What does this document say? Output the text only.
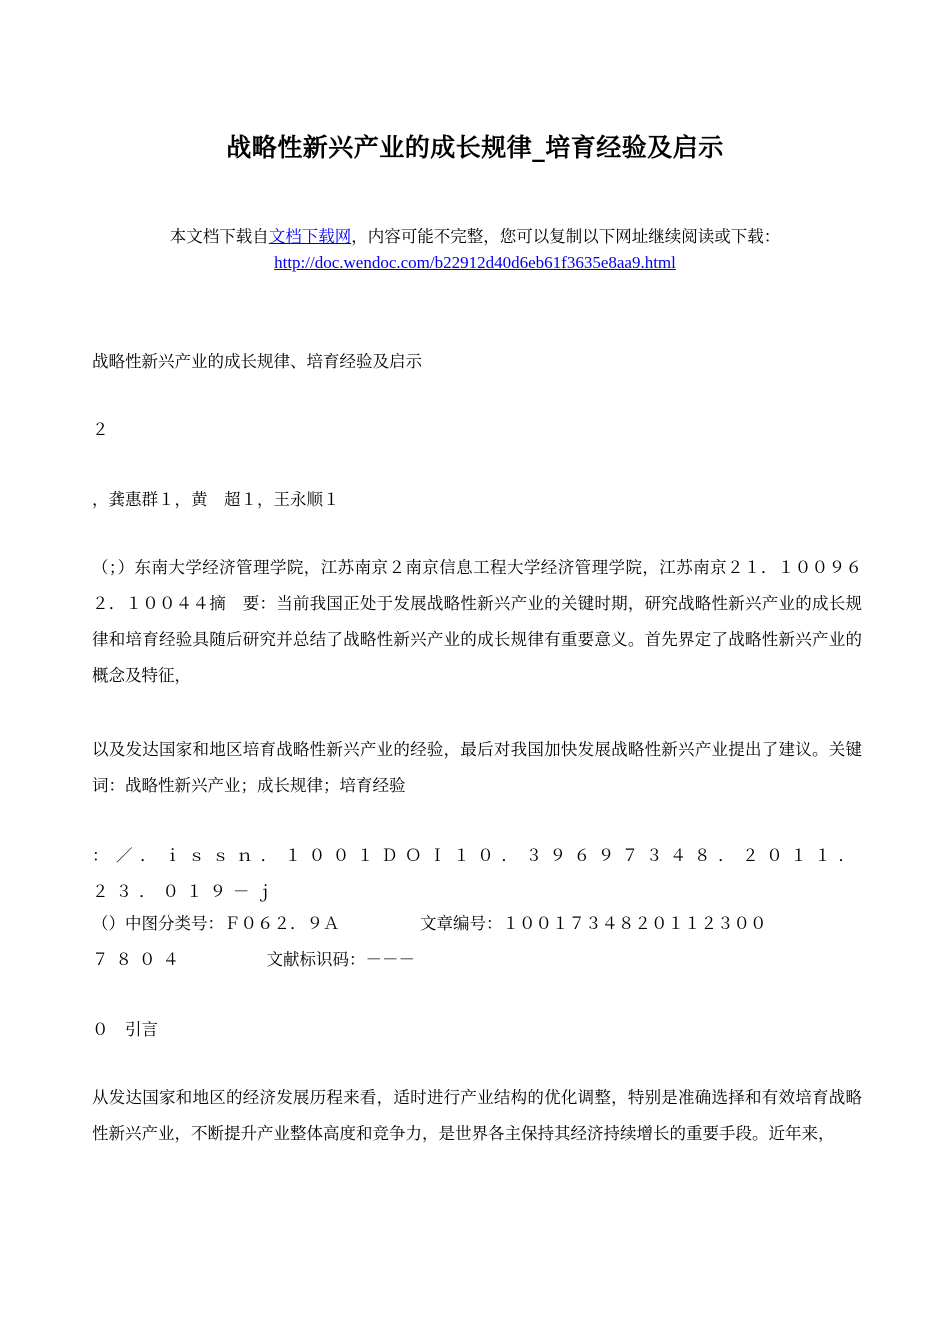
战略性新兴产业的成长规律_培育经验及启示
本文档下载自文档下载网，内容可能不完整，您可以复制以下网址继续阅读或下载：
http://doc.wendoc.com/b22912d40d6eb61f3635e8aa9.html
战略性新兴产业的成长规律、培育经验及启示
２
，龚惠群１，黄　超１，王永顺１
（；）东南大学经济管理学院，江苏南京２南京信息工程大学经济管理学院，江苏南京２１．１００９６２．１００４４摘　要：当前我国正处于发展战略性新兴产业的关键时期，研究战略性新兴产业的成长规律和培育经验具随后研究并总结了战略性新兴产业的成长规律有重要意义。首先界定了战略性新兴产业的概念及特征，
以及发达国家和地区培育战略性新兴产业的经验，最后对我国加快发展战略性新兴产业提出了建议。关键词：战略性新兴产业；成长规律；培育经验
：／．ｉｓｓｎ．１００１ＤＯＩ１０．３９６９７３４８．２０１１．２３．０１９－ｊ
（）中图分类号：Ｆ０６２．９Ａ	文章编号：１００１７３４８２０１１２３００
７８０４	文献标识码：－－－
０　引言
从发达国家和地区的经济发展历程来看，适时进行产业结构的优化调整，特别是准确选择和有效培育战略性新兴产业，不断提升产业整体高度和竞争力，是世界各主保持其经济持续增长的重要手段。近年来，
